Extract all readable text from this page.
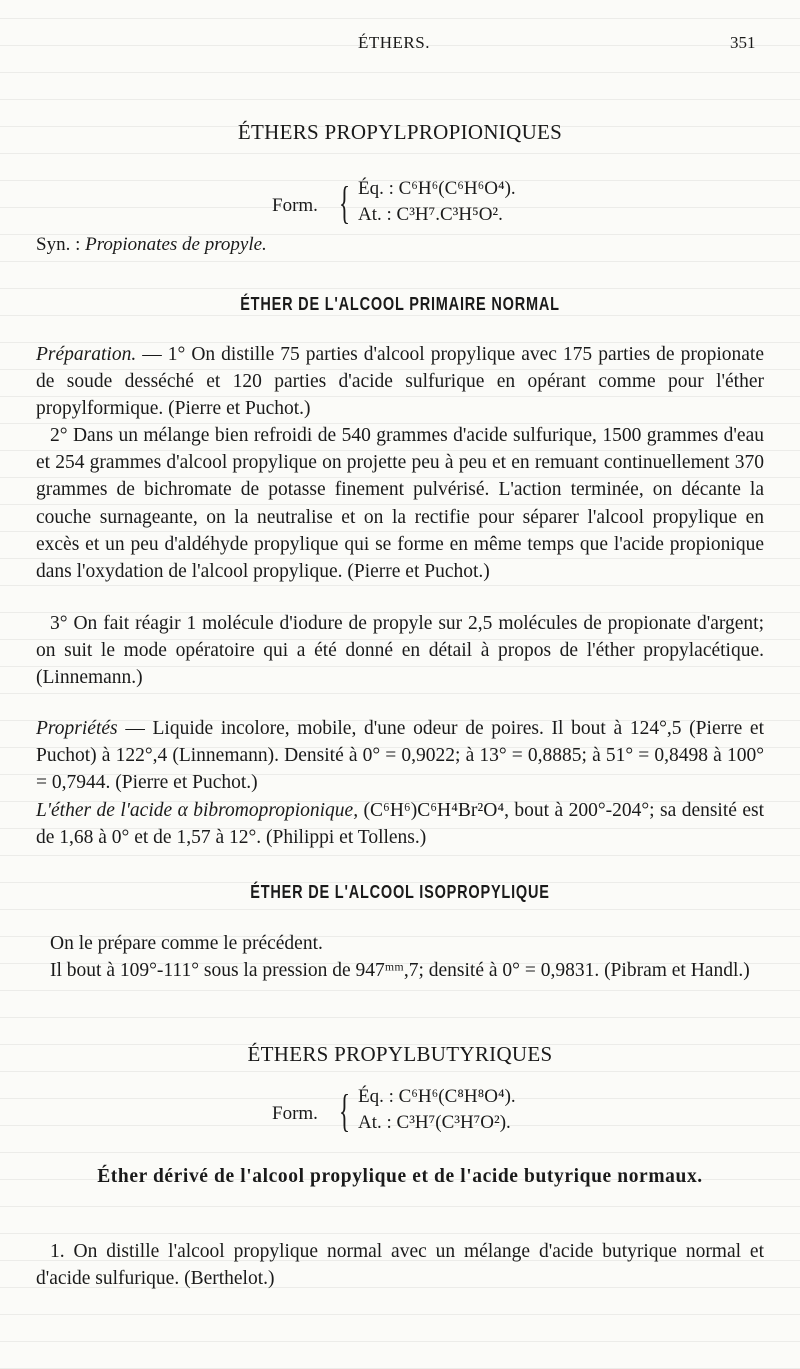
ÉTHERS.	351
ÉTHERS PROPYLPROPIONIQUES
Form. { Éq. : C⁶H⁶(C⁶H⁶O⁴).
At. : C³H⁷.C³H⁵O².
Syn. : Propionates de propyle.
ÉTHER DE L'ALCOOL PRIMAIRE NORMAL
Préparation. — 1° On distille 75 parties d'alcool propylique avec 175 parties de propionate de soude desséché et 120 parties d'acide sulfurique en opérant comme pour l'éther propylformique. (Pierre et Puchot.)
2° Dans un mélange bien refroidi de 540 grammes d'acide sulfurique, 1500 grammes d'eau et 254 grammes d'alcool propylique on projette peu à peu et en remuant continuellement 370 grammes de bichromate de potasse finement pulvérisé. L'action terminée, on décante la couche surnageante, on la neutralise et on la rectifie pour séparer l'alcool propylique en excès et un peu d'aldéhyde propylique qui se forme en même temps que l'acide propionique dans l'oxydation de l'alcool propylique. (Pierre et Puchot.)
3° On fait réagir 1 molécule d'iodure de propyle sur 2,5 molécules de propionate d'argent; on suit le mode opératoire qui a été donné en détail à propos de l'éther propylacétique. (Linnemann.)
Propriétés — Liquide incolore, mobile, d'une odeur de poires. Il bout à 124°,5 (Pierre et Puchot) à 122°,4 (Linnemann). Densité à 0° = 0,9022; à 13° = 0,8885; à 51° = 0,8498 à 100° = 0,7944. (Pierre et Puchot.)
L'éther de l'acide α bibromopropionique, (C⁶H⁶)C⁶H⁴Br²O⁴, bout à 200°-204°; sa densité est de 1,68 à 0° et de 1,57 à 12°. (Philippi et Tollens.)
ÉTHER DE L'ALCOOL ISOPROPYLIQUE
On le prépare comme le précédent.
Il bout à 109°-111° sous la pression de 947ᵐᵐ,7; densité à 0° = 0,9831. (Pibram et Handl.)
ÉTHERS PROPYLBUTYRIQUES
Form. { Éq. : C⁶H⁶(C⁸H⁸O⁴).
At. : C³H⁷(C³H⁷O²).
Éther dérivé de l'alcool propylique et de l'acide butyrique normaux.
1. On distille l'alcool propylique normal avec un mélange d'acide butyrique normal et d'acide sulfurique. (Berthelot.)
